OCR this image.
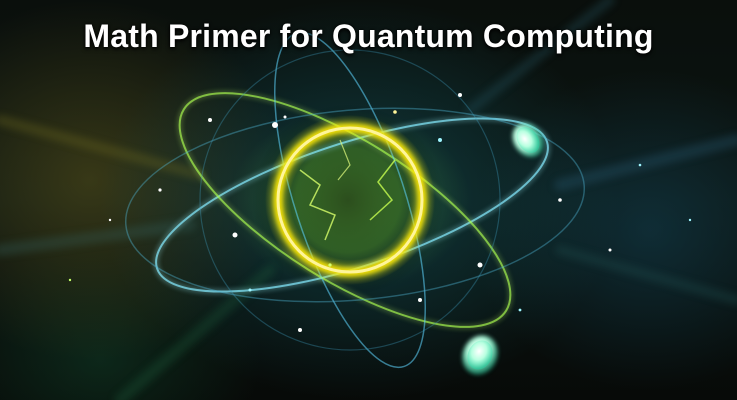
Math Primer for Quantum Computing
